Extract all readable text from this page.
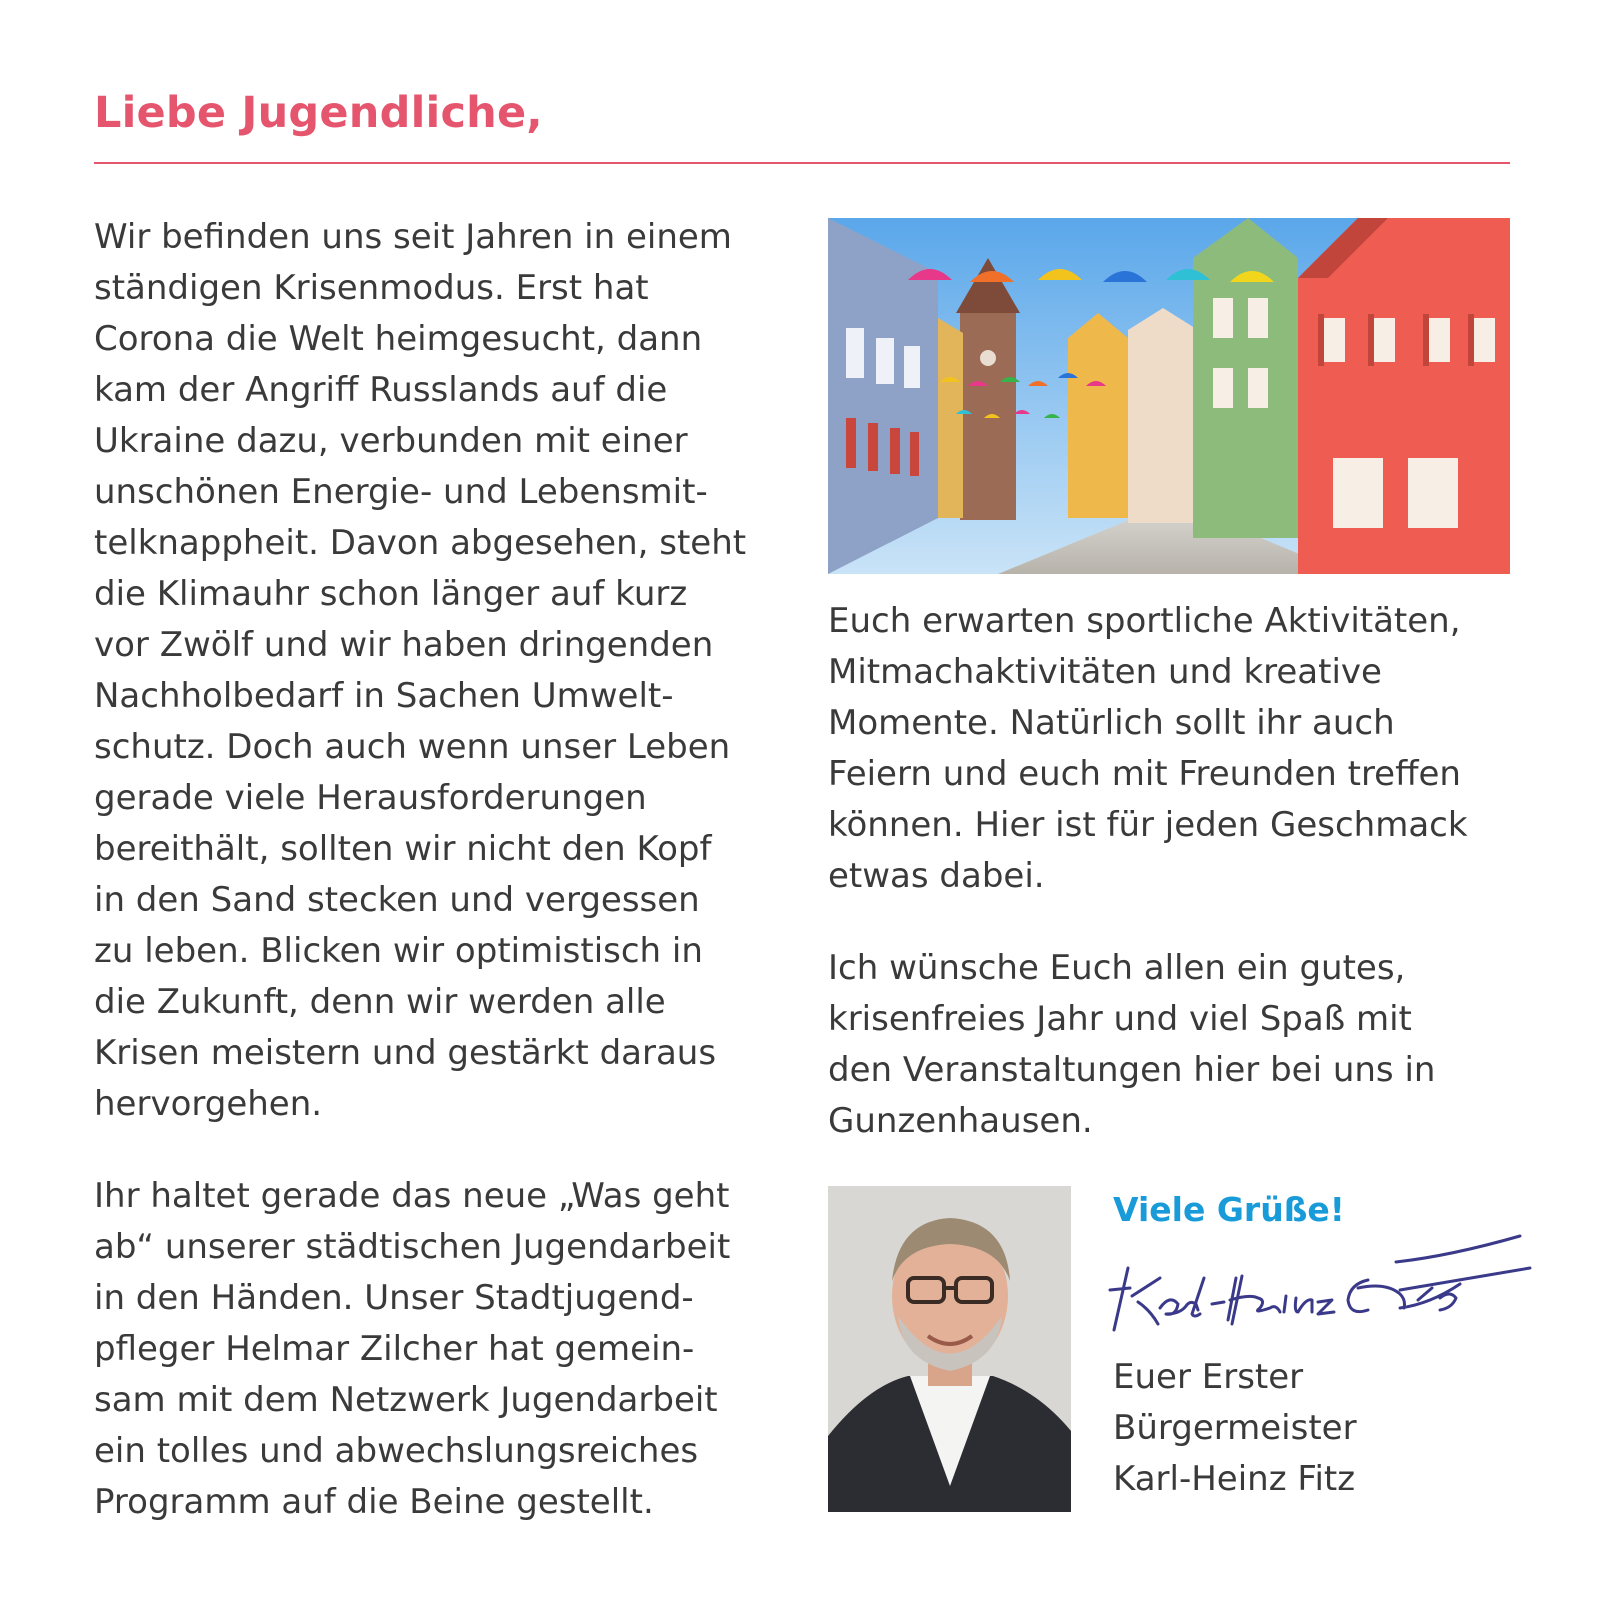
Liebe Jugendliche,

Wir befinden uns seit Jahren in einem
ständigen Krisenmodus. Erst hat
Corona die Welt heimgesucht, dann
kam der Angriff Russlands auf die
Ukraine dazu, verbunden mit einer
unschönen Energie- und Lebensmit-
telknappheit. Davon abgesehen, steht
die Klimauhr schon länger auf kurz
vor Zwölf und wir haben dringenden
Nachholbedarf in Sachen Umwelt-
schutz. Doch auch wenn unser Leben
gerade viele Herausforderungen
bereithält, sollten wir nicht den Kopf
in den Sand stecken und vergessen
zu leben. Blicken wir optimistisch in
die Zukunft, denn wir werden alle
Krisen meistern und gestärkt daraus
hervorgehen.

Ihr haltet gerade das neue „Was geht
ab“ unserer städtischen Jugendarbeit
in den Händen. Unser Stadtjugend-
pfleger Helmar Zilcher hat gemein-
sam mit dem Netzwerk Jugendarbeit
ein tolles und abwechslungsreiches
Programm auf die Beine gestellt.

Euch erwarten sportliche Aktivitäten,
Mitmachaktivitäten und kreative
Momente. Natürlich sollt ihr auch
Feiern und euch mit Freunden treffen
können. Hier ist für jeden Geschmack
etwas dabei.

Ich wünsche Euch allen ein gutes,
krisenfreies Jahr und viel Spaß mit
den Veranstaltungen hier bei uns in
Gunzenhausen.

Viele Grüße!
Euer Erster
Bürgermeister
Karl-Heinz Fitz
